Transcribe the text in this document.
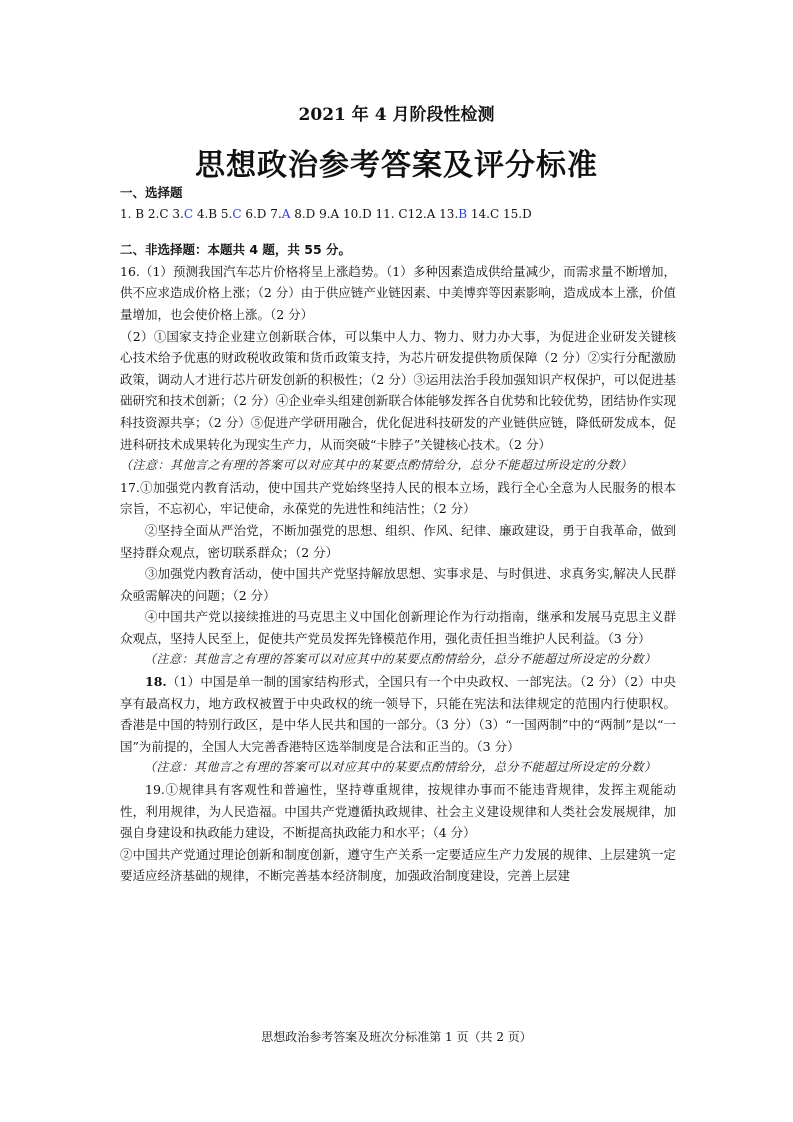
2021 年 4 月阶段性检测
思想政治参考答案及评分标准

一、选择题

1. B 2.C 3.C 4.B 5.C 6.D 7.A 8.D 9.A 10.D 11. C12.A 13.B 14.C 15.D

二、非选择题：本题共 4 题，共 55 分。

16.（1）预测我国汽车芯片价格将呈上涨趋势。（1）多种因素造成供给量减少，而需求量不断增加，供不应求造成价格上涨；（2 分）由于供应链产业链因素、中美博弈等因素影响，造成成本上涨，价值量增加，也会使价格上涨。（2 分）

（2）①国家支持企业建立创新联合体，可以集中人力、物力、财力办大事，为促进企业研发关键核心技术给予优惠的财政税收政策和货币政策支持，为芯片研发提供物质保障（2 分）②实行分配激励政策，调动人才进行芯片研发创新的积极性；（2 分）③运用法治手段加强知识产权保护，可以促进基础研究和技术创新；（2 分）④企业牵头组建创新联合体能够发挥各自优势和比较优势，团结协作实现科技资源共享；（2 分）⑤促进产学研用融合，优化促进科技研发的产业链供应链，降低研发成本，促进科研技术成果转化为现实生产力，从而突破“卡脖子”关键核心技术。（2 分）

（注意：其他言之有理的答案可以对应其中的某要点酌情给分，总分不能超过所设定的分数）

17.①加强党内教育活动，使中国共产党始终坚持人民的根本立场，践行全心全意为人民服务的根本宗旨，不忘初心，牢记使命，永葆党的先进性和纯洁性；（2 分）

②坚持全面从严治党，不断加强党的思想、组织、作风、纪律、廉政建设，勇于自我革命，做到坚持群众观点，密切联系群众；（2 分）

③加强党内教育活动，使中国共产党坚持解放思想、实事求是、与时俱进、求真务实,解决人民群众亟需解决的问题；（2 分）

④中国共产党以接续推进的马克思主义中国化创新理论作为行动指南，继承和发展马克思主义群众观点，坚持人民至上，促使共产党员发挥先锋模范作用，强化责任担当维护人民利益。（3 分）

（注意：其他言之有理的答案可以对应其中的某要点酌情给分，总分不能超过所设定的分数）

18.（1）中国是单一制的国家结构形式，全国只有一个中央政权、一部宪法。（2 分）（2）中央享有最高权力，地方政权被置于中央政权的统一领导下，只能在宪法和法律规定的范围内行使职权。香港是中国的特别行政区，是中华人民共和国的一部分。（3 分）（3）“一国两制”中的“两制”是以“一国”为前提的，全国人大完善香港特区选举制度是合法和正当的。（3 分）

（注意：其他言之有理的答案可以对应其中的某要点酌情给分，总分不能超过所设定的分数）

19.①规律具有客观性和普遍性，坚持尊重规律，按规律办事而不能违背规律，发挥主观能动性，利用规律，为人民造福。中国共产党遵循执政规律、社会主义建设规律和人类社会发展规律，加强自身建设和执政能力建设，不断提高执政能力和水平；（4 分）

②中国共产党通过理论创新和制度创新，遵守生产关系一定要适应生产力发展的规律、上层建筑一定要适应经济基础的规律，不断完善基本经济制度，加强政治制度建设，完善上层建

思想政治参考答案及班次分标准第 1 页（共 2 页）
